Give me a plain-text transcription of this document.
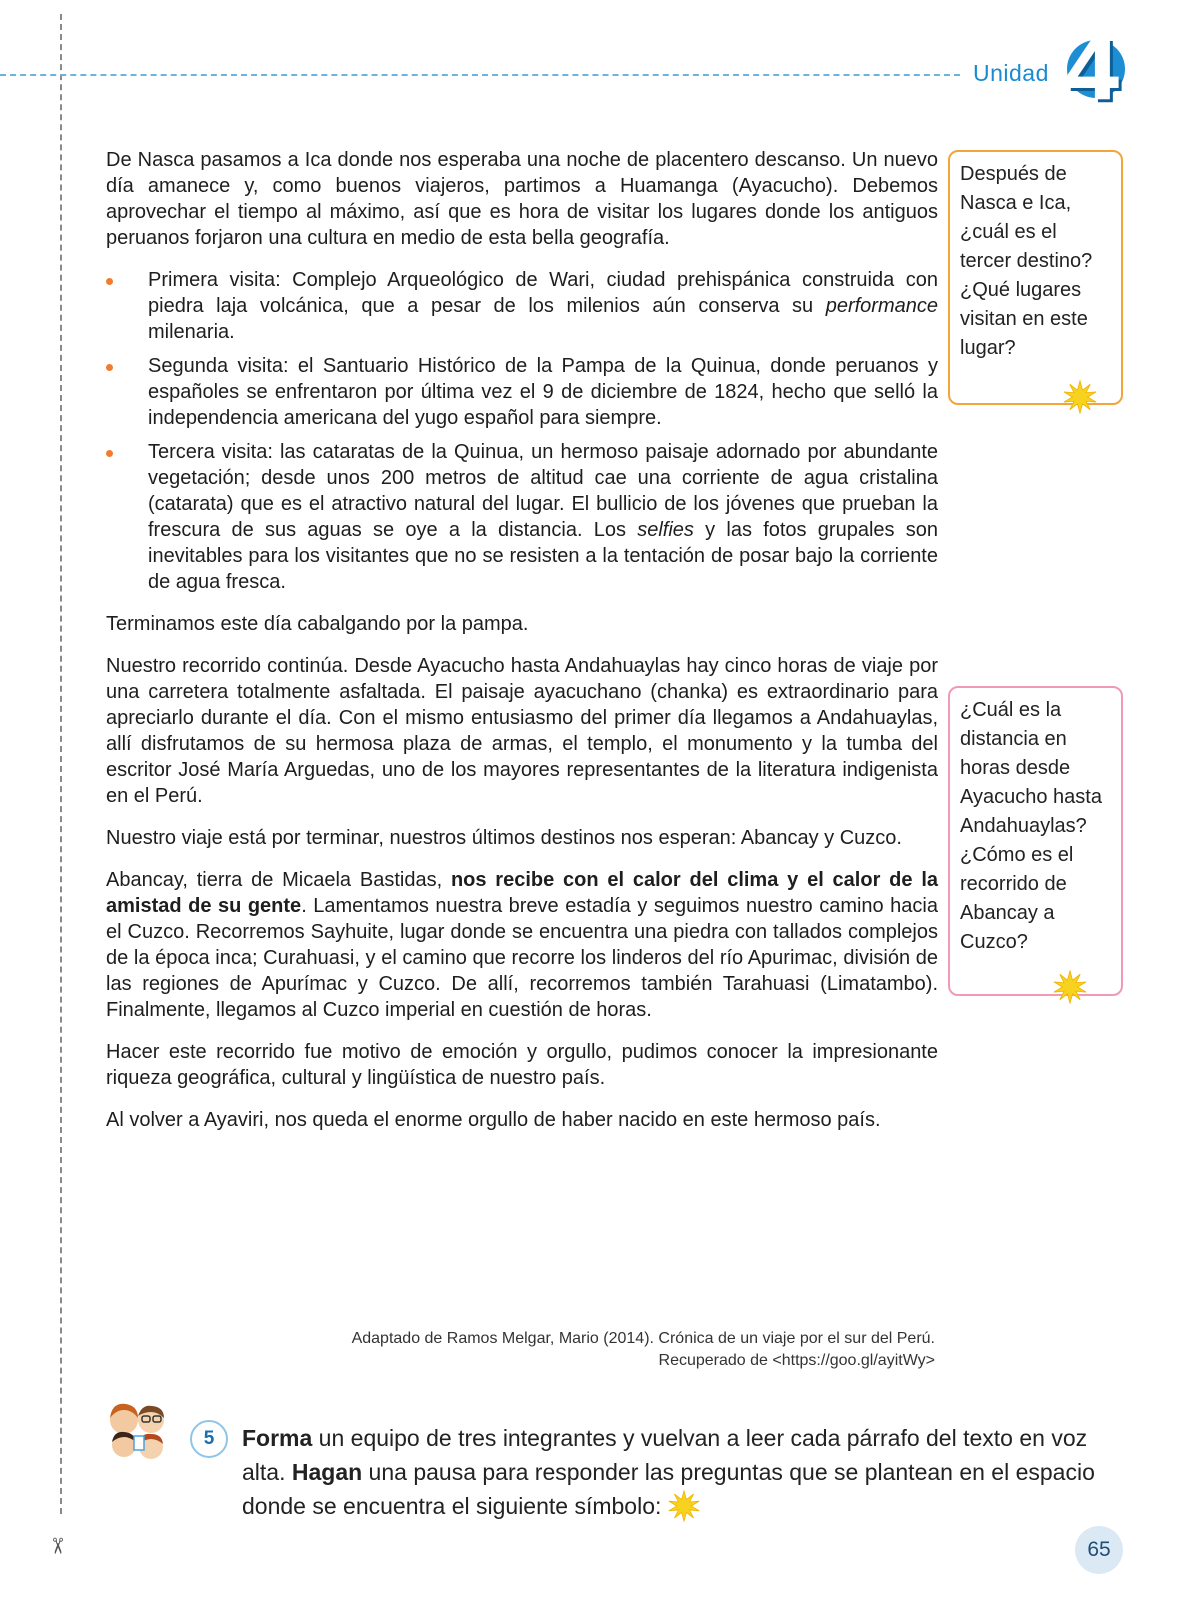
✂
Unidad 4

De Nasca pasamos a Ica donde nos esperaba una noche de placentero descanso. Un nuevo día amanece y, como buenos viajeros, partimos a Huamanga (Ayacucho). Debemos aprovechar el tiempo al máximo, así que es hora de visitar los lugares donde los antiguos peruanos forjaron una cultura en medio de esta bella geografía.

Primera visita: Complejo Arqueológico de Wari, ciudad prehispánica construida con piedra laja volcánica, que a pesar de los milenios aún conserva su performance milenaria.
Segunda visita: el Santuario Histórico de la Pampa de la Quinua, donde peruanos y españoles se enfrentaron por última vez el 9 de diciembre de 1824, hecho que selló la independencia americana del yugo español para siempre.
Tercera visita: las cataratas de la Quinua, un hermoso paisaje adornado por abundante vegetación; desde unos 200 metros de altitud cae una corriente de agua cristalina (catarata) que es el atractivo natural del lugar. El bullicio de los jóvenes que prueban la frescura de sus aguas se oye a la distancia. Los selfies y las fotos grupales son inevitables para los visitantes que no se resisten a la tentación de posar bajo la corriente de agua fresca.

Terminamos este día cabalgando por la pampa.

Nuestro recorrido continúa. Desde Ayacucho hasta Andahuaylas hay cinco horas de viaje por una carretera totalmente asfaltada. El paisaje ayacuchano (chanka) es extraordinario para apreciarlo durante el día. Con el mismo entusiasmo del primer día llegamos a Andahuaylas, allí disfrutamos de su hermosa plaza de armas, el templo, el monumento y la tumba del escritor José María Arguedas, uno de los mayores representantes de la literatura indigenista en el Perú.

Nuestro viaje está por terminar, nuestros últimos destinos nos esperan: Abancay y Cuzco.

Abancay, tierra de Micaela Bastidas, nos recibe con el calor del clima y el calor de la amistad de su gente. Lamentamos nuestra breve estadía y seguimos nuestro camino hacia el Cuzco. Recorremos Sayhuite, lugar donde se encuentra una piedra con tallados complejos de la época inca; Curahuasi, y el camino que recorre los linderos del río Apurimac, división de las regiones de Apurímac y Cuzco. De allí, recorremos también Tarahuasi (Limatambo). Finalmente, llegamos al Cuzco imperial en cuestión de horas.

Hacer este recorrido fue motivo de emoción y orgullo, pudimos conocer la impresionante riqueza geográfica, cultural y lingüística de nuestro país.

Al volver a Ayaviri, nos queda el enorme orgullo de haber nacido en este hermoso país.

Después de Nasca e Ica, ¿cuál es el tercer destino? ¿Qué lugares visitan en este lugar?
¿Cuál es la distancia en horas desde Ayacucho hasta Andahuaylas? ¿Cómo es el recorrido de Abancay a Cuzco?
Adaptado de Ramos Melgar, Mario (2014). Crónica de un viaje por el sur del Perú.
Recuperado de <https://goo.gl/ayitWy>
5	Forma un equipo de tres integrantes y vuelvan a leer cada párrafo del texto en voz alta. Hagan una pausa para responder las preguntas que se plantean en el espacio donde se encuentra el siguiente símbolo:
65
